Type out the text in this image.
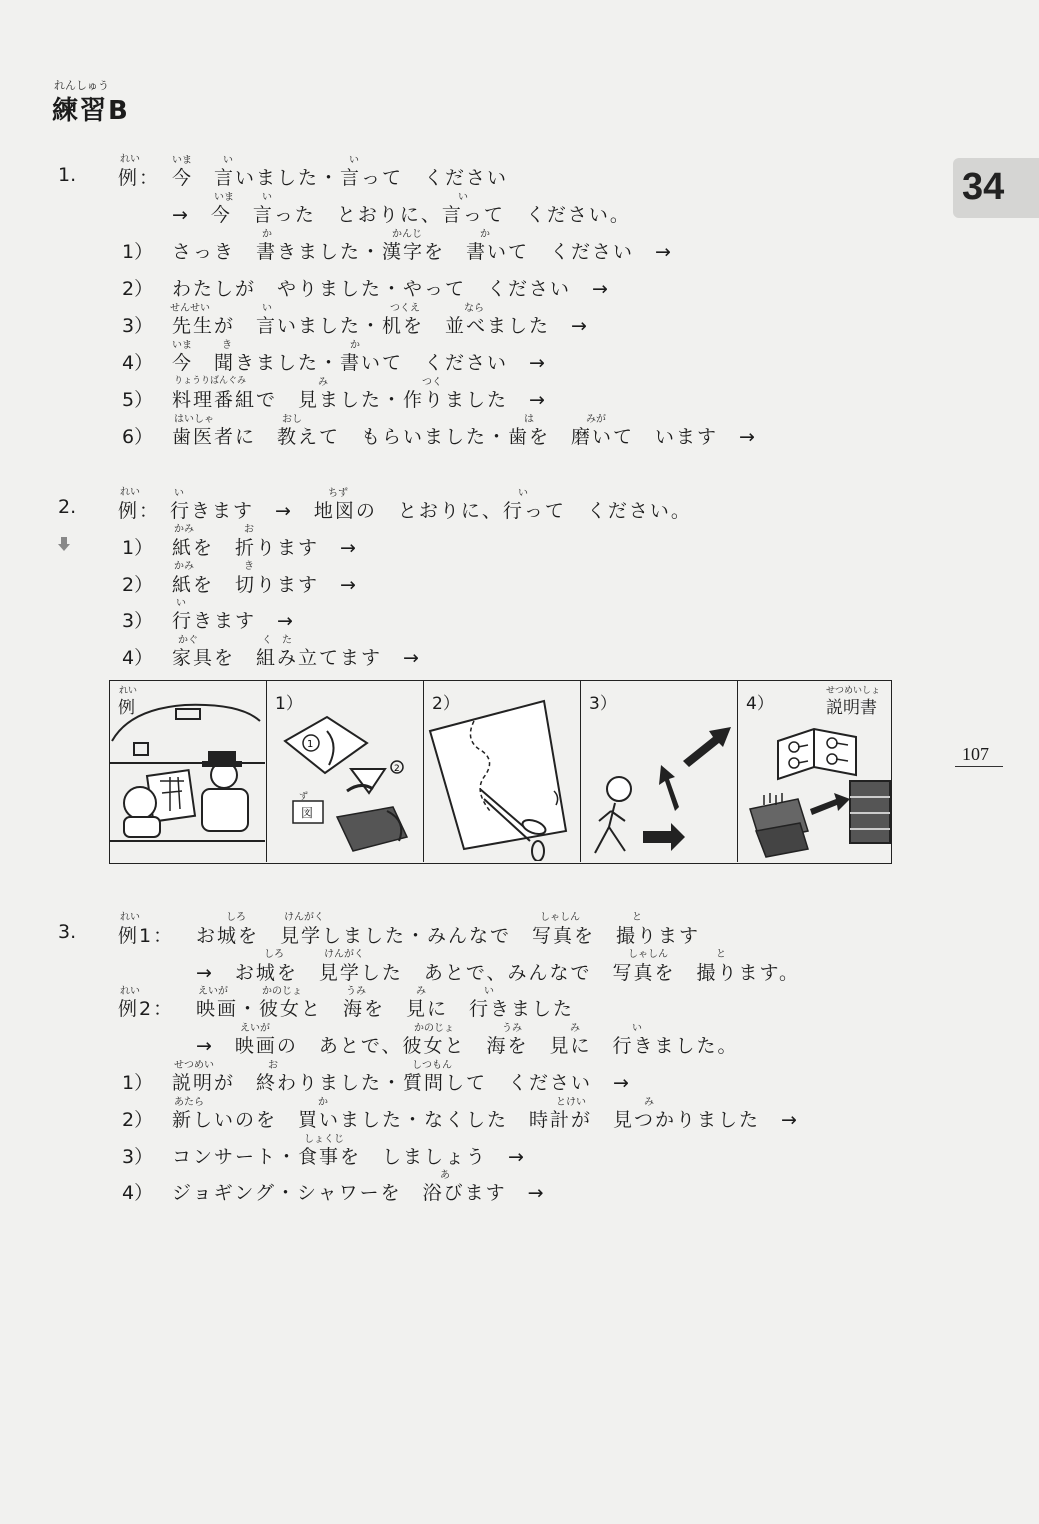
れんしゅう
練習B
34
107
1.
れい
例：
いま	い	い
今　言いました・言って　ください
いま	い	い
→　今　言った　とおりに、言って　ください。
か	かんじ	か
1） さっき　書きました・漢字を　書いて　ください　→
2） わたしが　やりました・やって　ください　→
せんせい	い	つくえ	なら
3） 先生が　言いました・机を　並べました　→
いま	き	か
4） 今　聞きました・書いて　ください　→
りょうりばんぐみ	み	つく
5） 料理番組で　見ました・作りました　→
はいしゃ	おし	は	みが
6） 歯医者に　教えて　もらいました・歯を　磨いて　います　→
2.
れい
例：
い	ちず	い
行きます　→　地図の　とおりに、行って　ください。
かみ	お
1） 紙を　折ります　→
かみ	き
2） 紙を　切ります　→
い
3） 行きます　→
かぐ	く　た
4） 家具を　組み立てます　→
れい
例	1）
1
2
ず
図
2）	3）	4）
せつめいしょ
説明書
3.
れい
例1：
しろ	けんがく	しゃしん	と
お城を　見学しました・みんなで　写真を　撮ります
しろ	けんがく	しゃしん	と
→　お城を　見学した　あとで、みんなで　写真を　撮ります。
れい
例2：
えいが	かのじょ	うみ	み	い
映画・彼女と　海を　見に　行きました
えいが	かのじょ	うみ	み	い
→　映画の　あとで、彼女と　海を　見に　行きました。
せつめい	お	しつもん
1） 説明が　終わりました・質問して　ください　→
あたら	か	とけい	み
2） 新しいのを　買いました・なくした　時計が　見つかりました　→
しょくじ
3） コンサート・食事を　しましょう　→
あ
4） ジョギング・シャワーを　浴びます　→
